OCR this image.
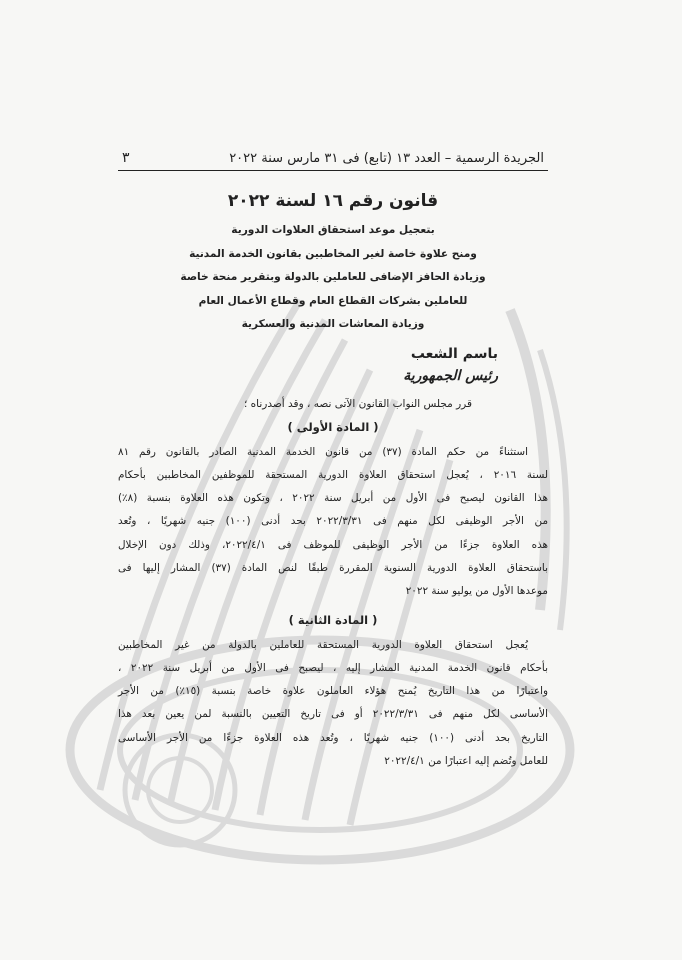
الجريدة الرسمية – العدد ١٣ (تابع) فى ٣١ مارس سنة ٢٠٢٢
٣
قانون رقم ١٦ لسنة ٢٠٢٢
بتعجيل موعد استحقاق العلاوات الدورية
ومنح علاوة خاصة لغير المخاطبين بقانون الخدمة المدنية
وزيادة الحافز الإضافى للعاملين بالدولة وبتقرير منحة خاصة
للعاملين بشركات القطاع العام وقطاع الأعمال العام
وزيادة المعاشات المدنية والعسكرية
باسم الشعب
رئيس الجمهورية
قرر مجلس النواب القانون الآتى نصه ، وقد أصدرناه ؛
( المادة الأولى )
استثناءً من حكم المادة (٣٧) من قانون الخدمة المدنية الصادر بالقانون رقم ٨١
لسنة ٢٠١٦ ، يُعجل استحقاق العلاوة الدورية المستحقة للموظفين المخاطبين بأحكام
هذا القانون ليصبح فى الأول من أبريل سنة ٢٠٢٢ ، وتكون هذه العلاوة بنسبة (٨٪)
من الأجر الوظيفى لكل منهم فى ٢٠٢٢/٣/٣١ بحد أدنى (١٠٠) جنيه شهريًا ، وتُعد
هذه العلاوة جزءًا من الأجر الوظيفى للموظف فى ٢٠٢٢/٤/١، وذلك دون الإخلال
باستحقاق العلاوة الدورية السنوية المقررة طبقًا لنص المادة (٣٧) المشار إليها فى
موعدها الأول من يوليو سنة ٢٠٢٢
( المادة الثانية )
يُعجل استحقاق العلاوة الدورية المستحقة للعاملين بالدولة من غير المخاطبين
بأحكام قانون الخدمة المدنية المشار إليه ، ليصبح فى الأول من أبريل سنة ٢٠٢٢ ،
واعتبارًا من هذا التاريخ يُمنح هؤلاء العاملون علاوة خاصة بنسبة (١٥٪) من الأجر
الأساسى لكل منهم فى ٢٠٢٢/٣/٣١ أو فى تاريخ التعيين بالنسبة لمن يعين بعد هذا
التاريخ بحد أدنى (١٠٠) جنيه شهريًا ، وتُعد هذه العلاوة جزءًا من الأجر الأساسى
للعامل وتُضم إليه اعتبارًا من ٢٠٢٢/٤/١
